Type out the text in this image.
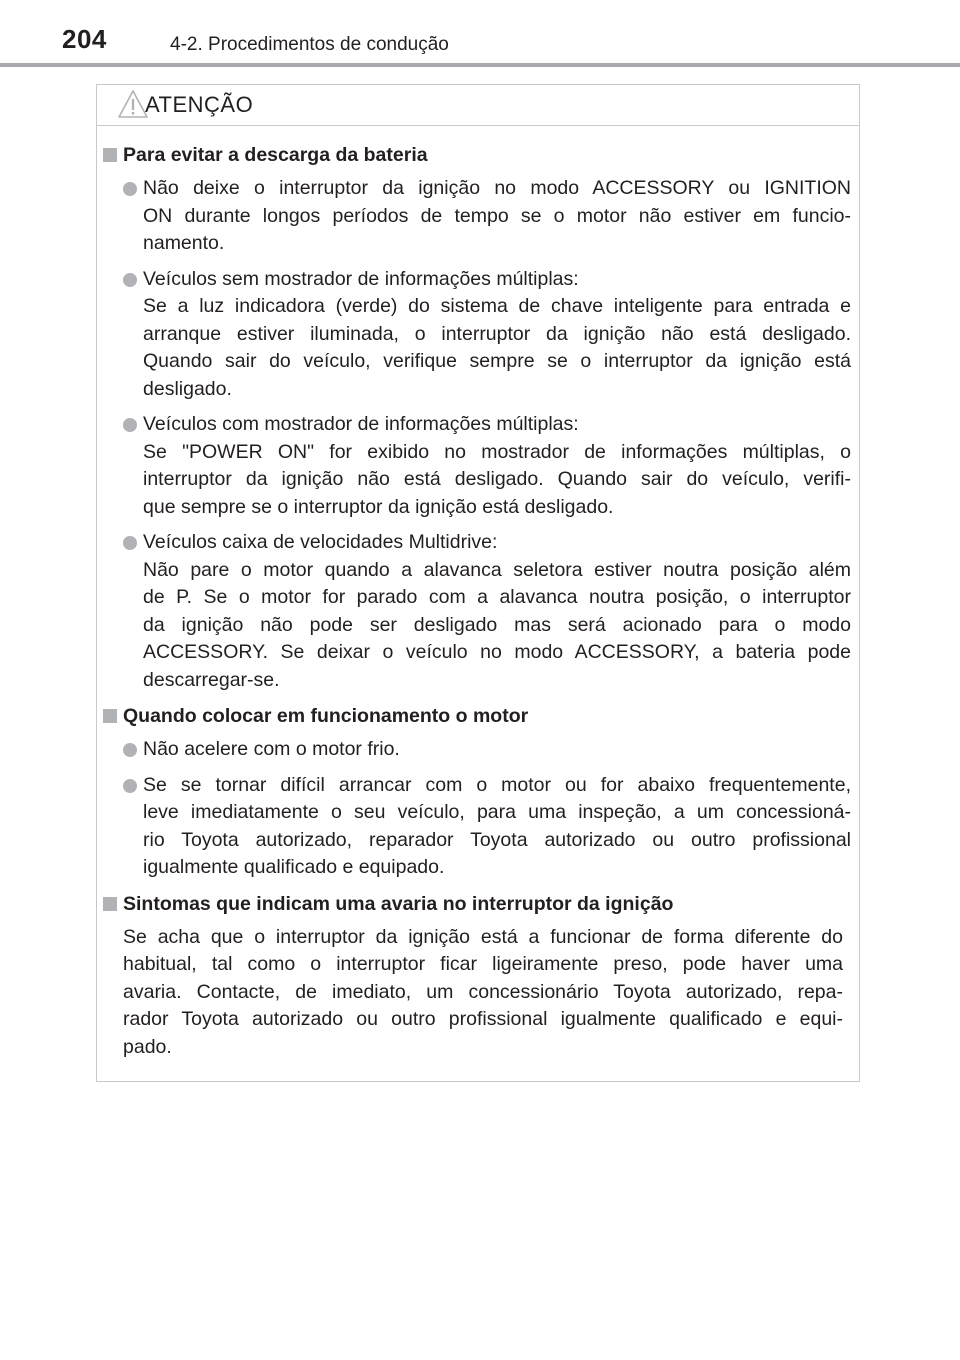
204	4-2. Procedimentos de condução
ATENÇÃO
Para evitar a descarga da bateria
Não deixe o interruptor da ignição no modo ACCESSORY ou IGNITION
ON durante longos períodos de tempo se o motor não estiver em funcio-
namento.
Veículos sem mostrador de informações múltiplas:
Se a luz indicadora (verde) do sistema de chave inteligente para entrada e
arranque estiver iluminada, o interruptor da ignição não está desligado.
Quando sair do veículo, verifique sempre se o interruptor da ignição está
desligado.
Veículos com mostrador de informações múltiplas:
Se "POWER ON" for exibido no mostrador de informações múltiplas, o
interruptor da ignição não está desligado. Quando sair do veículo, verifi-
que sempre se o interruptor da ignição está desligado.
Veículos caixa de velocidades Multidrive:
Não pare o motor quando a alavanca seletora estiver noutra posição além
de P. Se o motor for parado com a alavanca noutra posição, o interruptor
da ignição não pode ser desligado mas será acionado para o modo
ACCESSORY. Se deixar o veículo no modo ACCESSORY, a bateria pode
descarregar-se.
Quando colocar em funcionamento o motor
Não acelere com o motor frio.
Se se tornar difícil arrancar com o motor ou for abaixo frequentemente,
leve imediatamente o seu veículo, para uma inspeção, a um concessioná-
rio Toyota autorizado, reparador Toyota autorizado ou outro profissional
igualmente qualificado e equipado.
Sintomas que indicam uma avaria no interruptor da ignição
Se acha que o interruptor da ignição está a funcionar de forma diferente do
habitual, tal como o interruptor ficar ligeiramente preso, pode haver uma
avaria. Contacte, de imediato, um concessionário Toyota autorizado, repa-
rador Toyota autorizado ou outro profissional igualmente qualificado e equi-
pado.
